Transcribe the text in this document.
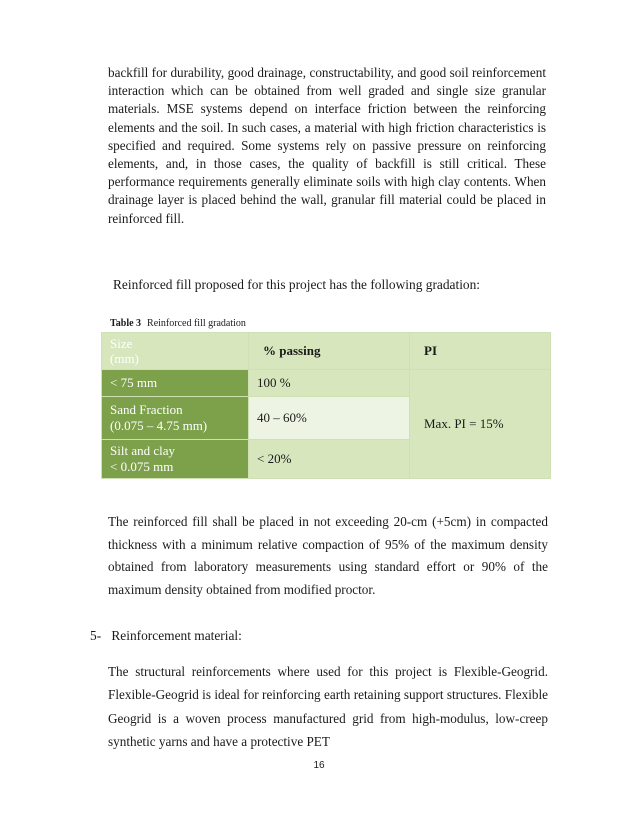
backfill for durability, good drainage, constructability, and good soil reinforcement interaction which can be obtained from well graded and single size granular materials. MSE systems depend on interface friction between the reinforcing elements and the soil. In such cases, a material with high friction characteristics is specified and required. Some systems rely on passive pressure on reinforcing elements, and, in those cases, the quality of backfill is still critical. These performance requirements generally eliminate soils with high clay contents. When drainage layer is placed behind the wall, granular fill material could be placed in reinforced fill.

Reinforced fill proposed for this project has the following gradation:

Table 3 Reinforced fill gradation
Size
(mm)	% passing	PI
< 75 mm	100 %	Max. PI = 15%

Sand Fraction
(0.075 – 4.75 mm)	40 – 60%	

Silt and clay
< 0.075 mm	< 20%	

The reinforced fill shall be placed in not exceeding 20-cm (+5cm) in compacted thickness with a minimum relative compaction of 95% of the maximum density obtained from laboratory measurements using standard effort or 90% of the maximum density obtained from modified proctor.

5- Reinforcement material:

The structural reinforcements where used for this project is Flexible-Geogrid. Flexible-Geogrid is ideal for reinforcing earth retaining support structures. Flexible Geogrid is a woven process manufactured grid from high-modulus, low-creep synthetic yarns and have a protective PET

16
